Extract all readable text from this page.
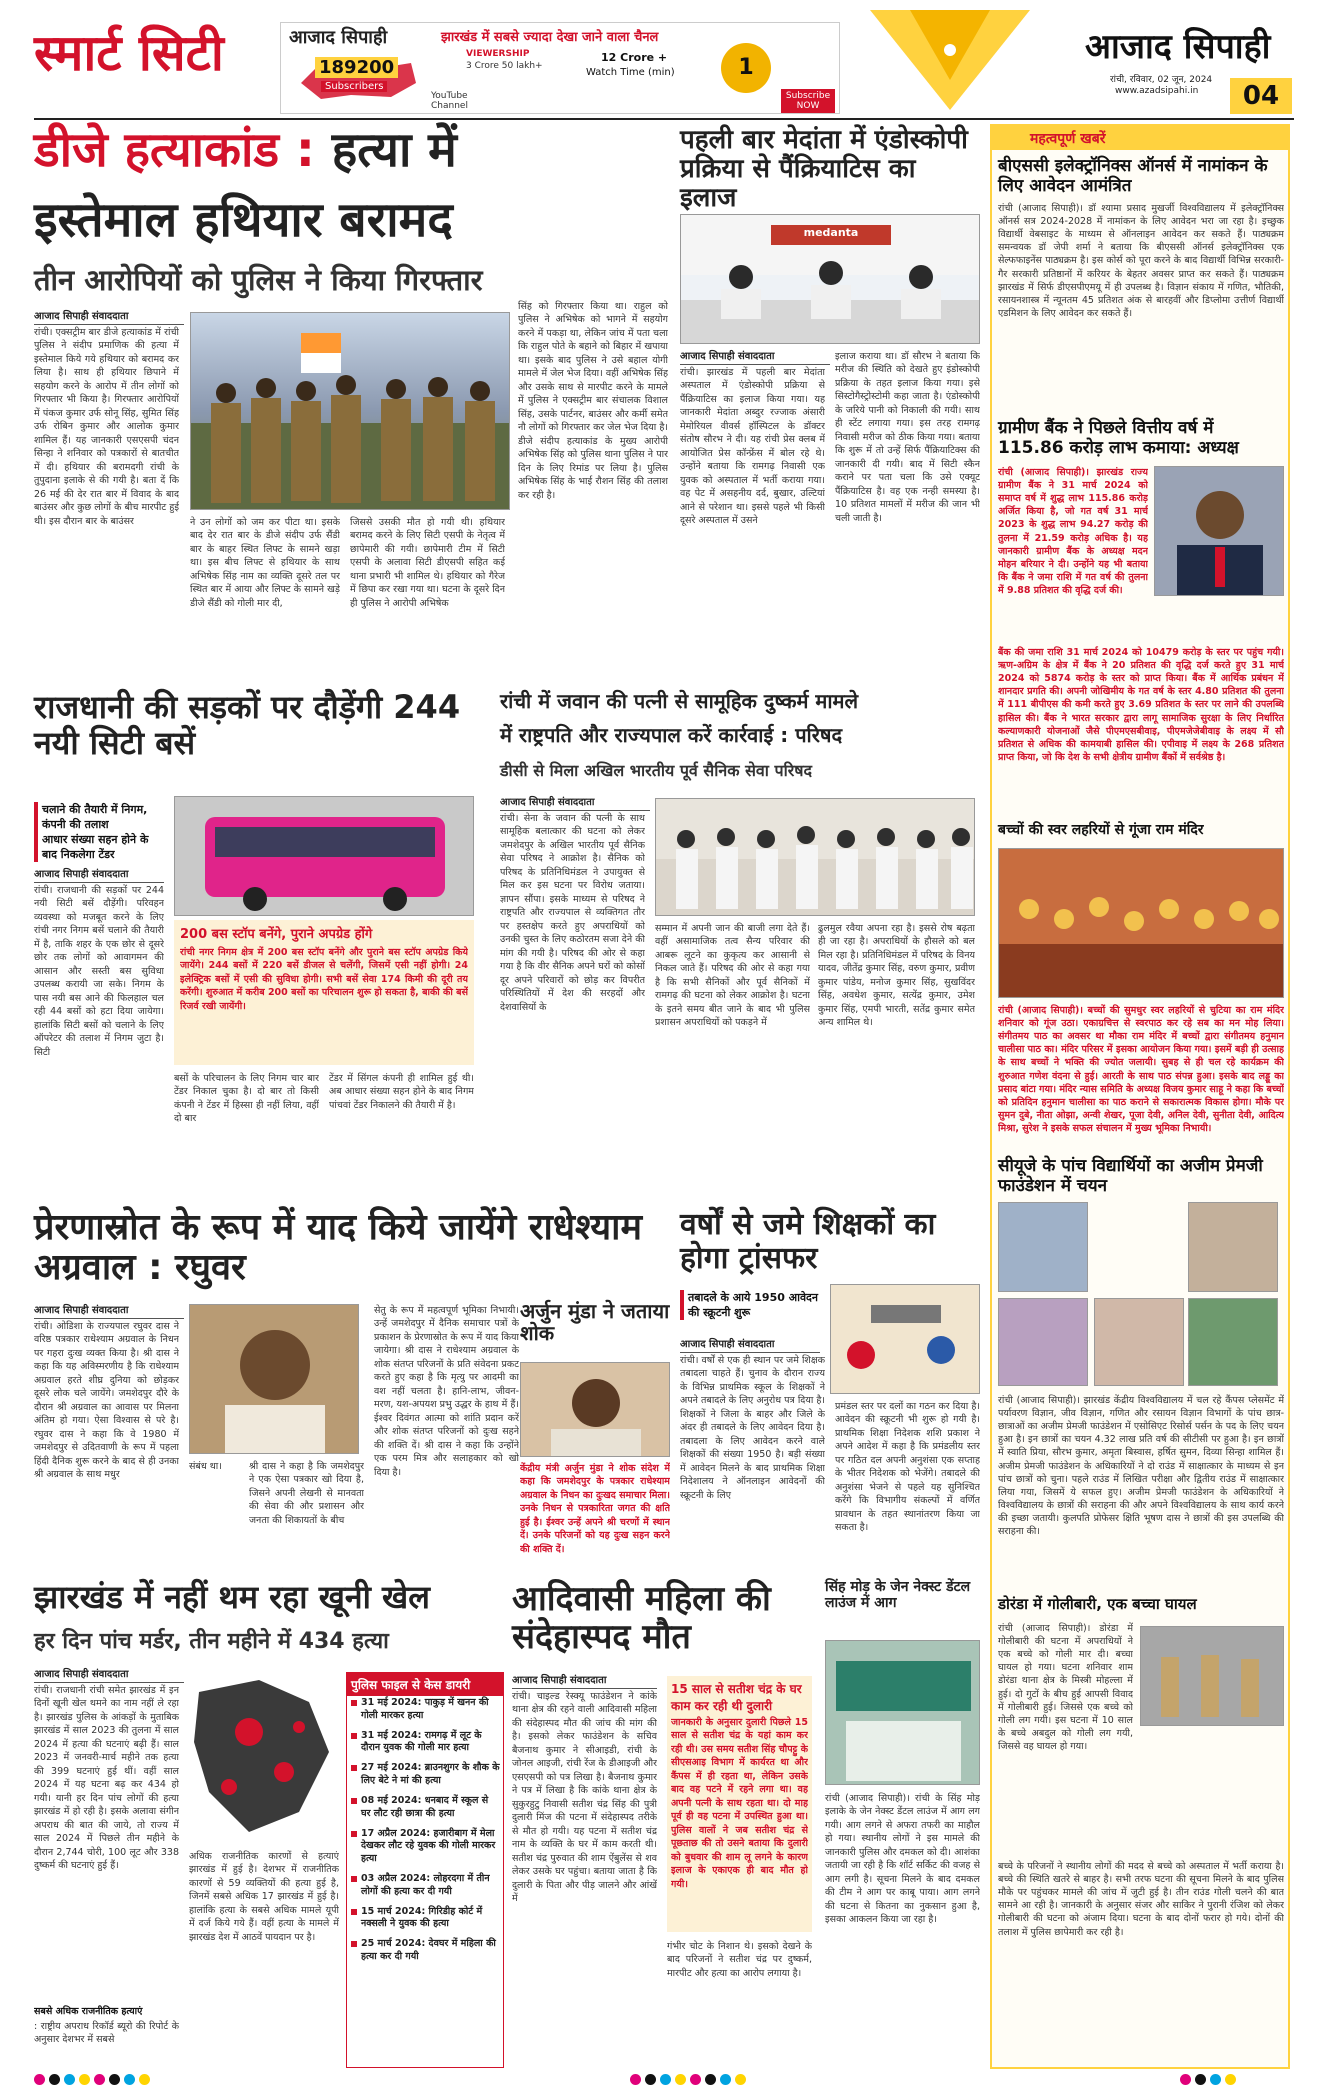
स्मार्ट सिटी	आजाद सिपाही	झारखंड में सबसे ज्यादा देखा जाने वाला चैनल
189200
Subscribers
YouTube Channel
VIEWERSHIP
3 Crore 50 lakh+
12 Crore +
Watch Time (min)	1
Subscribe NOW
आजाद सिपाही
रांची, रविवार, 02 जून, 2024
www.azadsipahi.in	04
डीजे हत्याकांड : हत्या में
इस्तेमाल हथियार बरामद
तीन आरोपियों को पुलिस ने किया गिरफ्तार
आजाद सिपाही संवाददाता
रांची। एक्सट्रीम बार डीजे हत्याकांड में रांची पुलिस ने संदीप प्रमाणिक की हत्या में इस्तेमाल किये गये हथियार को बरामद कर लिया है। साथ ही हथियार छिपाने में सहयोग करने के आरोप में तीन लोगों को गिरफ्तार भी किया है। गिरफ्तार आरोपियों में पंकज कुमार उर्फ सोनू सिंह, सुमित सिंह उर्फ रोबिन कुमार और आलोक कुमार शामिल हैं। यह जानकारी एसएसपी चंदन सिन्हा ने शनिवार को पत्रकारों से बातचीत में दी। हथियार की बरामदगी रांची के तुपुदाना इलाके से की गयी है। बता दें कि 26 मई की देर रात बार में विवाद के बाद बाउंसर और कुछ लोगों के बीच मारपीट हुई थी। इस दौरान बार के बाउंसर	ने उन लोगों को जम कर पीटा था। इसके बाद देर रात बार के डीजे संदीप उर्फ सैंडी बार के बाहर स्थित लिफ्ट के सामने खड़ा था। इस बीच लिफ्ट से हथियार के साथ अभिषेक सिंह नाम का व्यक्ति दूसरे तल पर स्थित बार में आया और लिफ्ट के सामने खड़े डीजे सैंडी को गोली मार दी,
जिससे उसकी मौत हो गयी थी। हथियार बरामद करने के लिए सिटी एसपी के नेतृत्व में छापेमारी की गयी। छापेमारी टीम में सिटी एसपी के अलावा सिटी डीएसपी सहित कई थाना प्रभारी भी शामिल थे। हथियार को गैरेज में छिपा कर रखा गया था। घटना के दूसरे दिन ही पुलिस ने आरोपी अभिषेक
सिंह को गिरफ्तार किया था। राहुल को पुलिस ने अभिषेक को भागने में सहयोग करने में पकड़ा था, लेकिन जांच में पता चला कि राहुल पोते के बहाने को बिहार में खपाया था। इसके बाद पुलिस ने उसे बहाल योगी मामले में जेल भेज दिया। वहीं अभिषेक सिंह और उसके साथ से मारपीट करने के मामले में पुलिस ने एक्सट्रीम बार संचालक विशाल सिंह, उसके पार्टनर, बाउंसर और कर्मी समेत नौ लोगों को गिरफ्तार कर जेल भेज दिया है। डीजे संदीप हत्याकांड के मुख्य आरोपी अभिषेक सिंह को पुलिस थाना पुलिस ने पार दिन के लिए रिमांड पर लिया है। पुलिस अभिषेक सिंह के भाई रौशन सिंह की तलाश कर रही है।
पहली बार मेदांता में एंडोस्कोपी प्रक्रिया से पैंक्रियाटिस का इलाज
medanta
आजाद सिपाही संवाददाता
रांची। झारखंड में पहली बार मेदांता अस्पताल में एंडोस्कोपी प्रक्रिया से पैंक्रियाटिस का इलाज किया गया। यह जानकारी मेदांता अब्दुर रज्जाक अंसारी मेमोरियल वीवर्स हॉस्पिटल के डॉक्टर संतोष सौरभ ने दी। यह रांची प्रेस क्लब में आयोजित प्रेस कॉन्फ्रेंस में बोल रहे थे। उन्होंने बताया कि रामगढ़ निवासी एक युवक को अस्पताल में भर्ती कराया गया। वह पेट में असहनीय दर्द, बुखार, उल्टियां आने से परेशान था। इससे पहले भी किसी दूसरे अस्पताल में उसने
इलाज कराया था। डॉ सौरभ ने बताया कि मरीज की स्थिति को देखते हुए इंडोस्कोपी प्रक्रिया के तहत इलाज किया गया। इसे सिस्टोगैस्ट्रोस्टोमी कहा जाता है। एंडोस्कोपी के जरिये पानी को निकाली की गयी। साथ ही स्टेंट लगाया गया। इस तरह रामगढ़ निवासी मरीज को ठीक किया गया। बताया कि शुरू में तो उन्हें सिर्फ पैंक्रियाटिक्स की जानकारी दी गयी। बाद में सिटी स्कैन कराने पर पता चला कि उसे एक्यूट पैंक्रियाटिस है। वह एक नन्ही समस्या है। 10 प्रतिशत मामलों में मरीज की जान भी चली जाती है।
राजधानी की सड़कों पर दौड़ेंगी 244 नयी सिटी बसें
चलाने की तैयारी में निगम, कंपनी की तलाश
आधार संख्या सहन होने के बाद निकलेगा टेंडर
आजाद सिपाही संवाददाता
रांची। राजधानी की सड़कों पर 244 नयी सिटी बसें दौड़ेंगी। परिवहन व्यवस्था को मजबूत करने के लिए रांची नगर निगम बसें चलाने की तैयारी में है, ताकि शहर के एक छोर से दूसरे छोर तक लोगों को आवागमन की आसान और सस्ती बस सुविधा उपलब्ध करायी जा सके। निगम के पास नयी बस आने की फिलहाल चल रही 44 बसों को हटा दिया जायेगा। हालांकि सिटी बसों को चलाने के लिए ऑपरेटर की तलाश में निगम जुटा है। सिटी
200 बस स्टॉप बनेंगे, पुराने अपग्रेड होंगे
रांची नगर निगम क्षेत्र में 200 बस स्टॉप बनेंगे और पुराने बस स्टॉप अपग्रेड किये जायेंगे। 244 बसों में 220 बसें डीजल से चलेंगी, जिसमें एसी नहीं होगी। 24 इलेक्ट्रिक बसों में एसी की सुविधा होगी। सभी बसें सेवा 174 किमी की दूरी तय करेंगी। शुरुआत में करीब 200 बसों का परिचालन शुरू हो सकता है, बाकी की बसें रिजर्व रखी जायेंगी।
बसों के परिचालन के लिए निगम चार बार टेंडर निकाल चुका है। दो बार तो किसी कंपनी ने टेंडर में हिस्सा ही नहीं लिया, वहीं दो बार
टेंडर में सिंगल कंपनी ही शामिल हुई थी। अब आधार संख्या सहन होने के बाद निगम पांचवां टेंडर निकालने की तैयारी में है।
रांची में जवान की पत्नी से सामूहिक दुष्कर्म मामले
में राष्ट्रपति और राज्यपाल करें कार्रवाई : परिषद
डीसी से मिला अखिल भारतीय पूर्व सैनिक सेवा परिषद
आजाद सिपाही संवाददाता
रांची। सेना के जवान की पत्नी के साथ सामूहिक बलात्कार की घटना को लेकर जमशेदपुर के अखिल भारतीय पूर्व सैनिक सेवा परिषद ने आक्रोश है। सैनिक को परिषद के प्रतिनिधिमंडल ने उपायुक्त से मिल कर इस घटना पर विरोध जताया। ज्ञापन सौंपा। इसके माध्यम से परिषद ने राष्ट्रपति और राज्यपाल से व्यक्तिगत तौर पर हस्तक्षेप करते हुए अपराधियों को उनकी चुस्त के लिए कठोरतम सजा देने की मांग की गयी है। परिषद की ओर से कहा गया है कि वीर सैनिक अपने घरों को कोसों दूर अपने परिवारों को छोड़ कर विपरीत परिस्थितियों में देश की सरहदों और देशवासियों के
सम्मान में अपनी जान की बाजी लगा देते हैं। वहीं असामाजिक तत्व सैन्य परिवार की आबरू लूटने का कुकृत्य कर आसानी से निकल जाते हैं। परिषद की ओर से कहा गया है कि सभी सैनिकों और पूर्व सैनिकों में रामगढ़ की घटना को लेकर आक्रोश है। घटना के इतने समय बीत जाने के बाद भी पुलिस प्रशासन अपराधियों को पकड़ने में
ढुलमुल रवैया अपना रहा है। इससे रोष बढ़ता ही जा रहा है। अपराधियों के हौसले को बल मिल रहा है। प्रतिनिधिमंडल में परिषद के विनय यादव, जीतेंद्र कुमार सिंह, वरुण कुमार, प्रवीण कुमार पांडेय, मनोज कुमार सिंह, सुखविंदर सिंह, अवधेश कुमार, सत्येंद्र कुमार, उमेश कुमार सिंह, एमपी भारती, सतेंद्र कुमार समेत अन्य शामिल थे।
प्रेरणास्रोत के रूप में याद किये जायेंगे राधेश्याम अग्रवाल : रघुवर
आजाद सिपाही संवाददाता
रांची। ओडिशा के राज्यपाल रघुवर दास ने वरिष्ठ पत्रकार राधेश्याम अग्रवाल के निधन पर गहरा दुःख व्यक्त किया है। श्री दास ने कहा कि यह अविस्मरणीय है कि राधेश्याम अग्रवाल हरते शीघ्र दुनिया को छोड़कर दूसरे लोक चले जायेंगे। जमशेदपुर दौरे के दौरान श्री अग्रवाल का आवास पर मिलना अंतिम हो गया। ऐसा विश्वास से परे है। रघुवर दास ने कहा कि वे 1980 में जमशेदपुर से उदितवाणी के रूप में पहला हिंदी दैनिक शुरू करने के बाद से ही उनका श्री अग्रवाल के साथ मधुर
संबंध था।	श्री दास ने कहा है कि जमशेदपुर ने एक ऐसा पत्रकार खो दिया है, जिसने अपनी लेखनी से मानवता की सेवा की और प्रशासन और जनता की शिकायतों के बीच
सेतु के रूप में महत्वपूर्ण भूमिका निभायी। उन्हें जमशेदपुर में दैनिक समाचार पत्रों के प्रकाशन के प्रेरणास्रोत के रूप में याद किया जायेगा। श्री दास ने राधेश्याम अग्रवाल के शोक संतप्त परिजनों के प्रति संवेदना प्रकट करते हुए कहा है कि मृत्यु पर आदमी का वश नहीं चलता है। हानि-लाभ, जीवन-मरण, यश-अपयश प्रभु उद्धर के हाथ में हैं। ईश्वर दिवंगत आत्मा को शांति प्रदान करें और शोक संतप्त परिजनों को दुःख सहने की शक्ति दें। श्री दास ने कहा कि उन्होंने एक परम मित्र और सलाहकार को खो दिया है।
अर्जुन मुंडा ने जताया शोक
केंद्रीय मंत्री अर्जुन मुंडा ने शोक संदेश में कहा कि जमशेदपुर के पत्रकार राधेश्याम अग्रवाल के निधन का दुःखद समाचार मिला। उनके निधन से पत्रकारिता जगत की क्षति हुई है। ईश्वर उन्हें अपने श्री चरणों में स्थान दें। उनके परिजनों को यह दुःख सहन करने की शक्ति दें।
वर्षों से जमे शिक्षकों का होगा ट्रांसफर
तबादले के आये 1950 आवेदन की स्क्रूटनी शुरू
आजाद सिपाही संवाददाता
रांची। वर्षों से एक ही स्थान पर जमे शिक्षक तबादला चाहते हैं। चुनाव के दौरान राज्य के विभिन्न प्राथमिक स्कूल के शिक्षकों ने अपने तबादले के लिए अनुरोध पत्र दिया है। शिक्षकों ने जिला के बाहर और जिले के अंदर ही तबादले के लिए आवेदन दिया है। तबादला के लिए आवेदन करने वाले शिक्षकों की संख्या 1950 है। बड़ी संख्या में आवेदन मिलने के बाद प्राथमिक शिक्षा निदेशालय ने ऑनलाइन आवेदनों की स्क्रूटनी के लिए
प्रमंडल स्तर पर दलों का गठन कर दिया है। आवेदन की स्क्रूटनी भी शुरू हो गयी है। प्राथमिक शिक्षा निदेशक शशि प्रकाश ने अपने आदेश में कहा है कि प्रमंडलीय स्तर पर गठित दल अपनी अनुशंसा एक सप्ताह के भीतर निदेशक को भेजेंगे। तबादले की अनुशंसा भेजने से पहले यह सुनिश्चित करेंगे कि विभागीय संकल्पों में वर्णित प्रावधान के तहत स्थानांतरण किया जा सकता है।
झारखंड में नहीं थम रहा खूनी खेल
हर दिन पांच मर्डर, तीन महीने में 434 हत्या
आजाद सिपाही संवाददाता
रांची। राजधानी रांची समेत झारखंड में इन दिनों खूनी खेल थमने का नाम नहीं ले रहा है। झारखंड पुलिस के आंकड़ों के मुताबिक झारखंड में साल 2023 की तुलना में साल 2024 में हत्या की घटनाएं बढ़ी हैं। साल 2023 में जनवरी-मार्च महीने तक हत्या की 399 घटनाएं हुई थीं। वहीं साल 2024 में यह घटना बढ़ कर 434 हो गयी। यानी हर दिन पांच लोगों की हत्या झारखंड में हो रही है। इसके अलावा संगीन अपराध की बात की जाये, तो राज्य में साल 2024 में पिछले तीन महीने के दौरान 2,744 चोरी, 100 लूट और 338 दुष्कर्म की घटनाएं हुई हैं।
सबसे अधिक राजनीतिक हत्याएं
: राष्ट्रीय अपराध रिकॉर्ड ब्यूरो की रिपोर्ट के अनुसार देशभर में सबसे
अधिक राजनीतिक कारणों से हत्याएं झारखंड में हुई है। देशभर में राजनीतिक कारणों से 59 व्यक्तियों की हत्या हुई है, जिनमें सबसे अधिक 17 झारखंड में हुई है। हालांकि हत्या के सबसे अधिक मामले यूपी में दर्ज किये गये हैं। वहीं हत्या के मामले में झारखंड देश में आठवें पायदान पर है।
पुलिस फाइल से केस डायरी
31 मई 2024: पाकुड़ में खनन की गोली मारकर हत्या
31 मई 2024: रामगढ़ में लूट के दौरान युवक की गोली मार हत्या
27 मई 2024: ब्राउनशुगर के शौक के लिए बेटे ने मां की हत्या
08 मई 2024: धनबाद में स्कूल से घर लौट रही छात्रा की हत्या
17 अप्रैल 2024: हजारीबाग में मेला देखकर लौट रहे युवक की गोली मारकर हत्या
03 अप्रैल 2024: लोहरदगा में तीन लोगों की हत्या कर दी गयी
15 मार्च 2024: गिरिडीह कोर्ट में नक्सली ने युवक की हत्या
25 मार्च 2024: देवघर में महिला की हत्या कर दी गयी
आदिवासी महिला की संदेहास्पद मौत
आजाद सिपाही संवाददाता
रांची। चाइल्ड रेस्क्यू फाउंडेशन ने कांके थाना क्षेत्र की रहने वाली आदिवासी महिला की संदेहास्पद मौत की जांच की मांग की है। इसको लेकर फाउंडेशन के सचिव बैजनाथ कुमार ने सीआइडी, रांची के जोनल आइजी, रांची रेंज के डीआइजी और एसएसपी को पत्र लिखा है। बैजनाथ कुमार ने पत्र में लिखा है कि कांके थाना क्षेत्र के सुकुरहुटु निवासी सतीश चंद्र सिंह की पुत्री दुलारी मिंज की पटना में संदेहास्पद तरीके से मौत हो गयी। यह पटना में सतीश चंद्र नाम के व्यक्ति के घर में काम करती थी। सतीश चंद्र पुरुवात की शाम ऐंबुलेंस से शव लेकर उसके घर पहुंचा। बताया जाता है कि दुलारी के पिता और पीड़ जालने और आंखें में
15 साल से सतीश चंद्र के घर काम कर रही थी दुलारी
जानकारी के अनुसार दुलारी पिछले 15 साल से सतीश चंद्र के यहां काम कर रही थी। उस समय सतीश सिंह चौपट्टु के सीएसआइ विभाग में कार्यरत था और कैंपस में ही रहता था, लेकिन उसके बाद वह पटने में रहने लगा था। वह अपनी पत्नी के साथ रहता था। दो माह पूर्व ही वह पटना में उपस्थित हुआ था। पुलिस वालों ने जब सतीश चंद्र से पूछताछ की तो उसने बताया कि दुलारी को बुधवार की शाम लू लगने के कारण इलाज के एकाएक ही बाद मौत हो गयी।
गंभीर चोट के निशान थे। इसको देखने के बाद परिजनों ने सतीश चंद्र पर दुष्कर्म, मारपीट और हत्या का आरोप लगाया है।
सिंह मोड़ के जेन नेक्स्ट डेंटल लाउंज में आग
रांची (आजाद सिपाही)। रांची के सिंह मोड़ इलाके के जेन नेक्स्ट डेंटल लाउंज में आग लग गयी। आग लगने से अफरा तफरी का माहौल हो गया। स्थानीय लोगों ने इस मामले की जानकारी पुलिस और दमकल को दी। आशंका जतायी जा रही है कि शॉर्ट सर्किट की वजह से आग लगी है। सूचना मिलने के बाद दमकल की टीम ने आग पर काबू पाया। आग लगने की घटना से कितना का नुकसान हुआ है, इसका आकलन किया जा रहा है।
महत्वपूर्ण खबरें
बीएससी इलेक्ट्रॉनिक्स ऑनर्स में नामांकन के लिए आवेदन आमंत्रित
रांची (आजाद सिपाही)। डॉ श्यामा प्रसाद मुखर्जी विश्वविद्यालय में इलेक्ट्रॉनिक्स ऑनर्स सत्र 2024-2028 में नामांकन के लिए आवेदन भरा जा रहा है। इच्छुक विद्यार्थी वेबसाइट के माध्यम से ऑनलाइन आवेदन कर सकते हैं। पाठ्यक्रम समन्वयक डॉ जेपी शर्मा ने बताया कि बीएससी ऑनर्स इलेक्ट्रॉनिक्स एक सेल्फफाइनेंस पाठ्यक्रम है। इस कोर्स को पूरा करने के बाद विद्यार्थी विभिन्न सरकारी-गैर सरकारी प्रतिष्ठानों में करियर के बेहतर अवसर प्राप्त कर सकते हैं। पाठ्यक्रम झारखंड में सिर्फ डीएसपीएमयू में ही उपलब्ध है। विज्ञान संकाय में गणित, भौतिकी, रसायनशास्त्र में न्यूनतम 45 प्रतिशत अंक से बारहवीं और डिप्लोमा उत्तीर्ण विद्यार्थी एडमिशन के लिए आवेदन कर सकते हैं।
ग्रामीण बैंक ने पिछले वित्तीय वर्ष में 115.86 करोड़ लाभ कमाया: अध्यक्ष
रांची (आजाद सिपाही)। झारखंड राज्य ग्रामीण बैंक ने 31 मार्च 2024 को समाप्त वर्ष में शुद्ध लाभ 115.86 करोड़ अर्जित किया है, जो गत वर्ष 31 मार्च 2023 के शुद्ध लाभ 94.27 करोड़ की तुलना में 21.59 करोड़ अधिक है। यह जानकारी ग्रामीण बैंक के अध्यक्ष मदन मोहन बरियार ने दी। उन्होंने यह भी बताया कि बैंक ने जमा राशि में गत वर्ष की तुलना में 9.88 प्रतिशत की वृद्धि दर्ज की।
बैंक की जमा राशि 31 मार्च 2024 को 10479 करोड़ के स्तर पर पहुंच गयी। ऋण-अग्रिम के क्षेत्र में बैंक ने 20 प्रतिशत की वृद्धि दर्ज करते हुए 31 मार्च 2024 को 5874 करोड़ के स्तर को प्राप्त किया। बैंक में आर्थिक प्रबंधन में शानदार प्रगति की। अपनी जोखिमीय के गत वर्ष के स्तर 4.80 प्रतिशत की तुलना में 111 बीपीएस की कमी करते हुए 3.69 प्रतिशत के स्तर पर लाने की उपलब्धि हासिल की। बैंक ने भारत सरकार द्वारा लागू सामाजिक सुरक्षा के लिए निर्धारित कल्याणकारी योजनाओं जैसे पीएमएसबीवाइ, पीएमजेजेबीवाइ के लक्ष्य में सौ प्रतिशत से अधिक की कामयाबी हासिल की। एपीवाइ में लक्ष्य के 268 प्रतिशत प्राप्त किया, जो कि देश के सभी क्षेत्रीय ग्रामीण बैंकों में सर्वश्रेष्ठ है।
बच्चों की स्वर लहरियों से गूंजा राम मंदिर
रांची (आजाद सिपाही)। बच्चों की सुमधुर स्वर लहरियों से चुटिया का राम मंदिर शनिवार को गूंज उठा। एकाग्रचित्त से स्वरपाठ कर रहे सब का मन मोह लिया। संगीतमय पाठ का अवसर था मौका राम मंदिर में बच्चों द्वारा संगीतमय हनुमान चालीसा पाठ का। मंदिर परिसर में इसका आयोजन किया गया। इसमें बड़ी ही उत्साह के साथ बच्चों ने भक्ति की ज्योत जलायी। सुबह से ही चल रहे कार्यक्रम की शुरुआत गणेश वंदना से हुई। आरती के साथ पाठ संपन्न हुआ। इसके बाद लड्डू का प्रसाद बांटा गया। मंदिर न्यास समिति के अध्यक्ष विजय कुमार साहू ने कहा कि बच्चों को प्रतिदिन हनुमान चालीसा का पाठ कराने से सकारात्मक विकास होगा। मौके पर सुमन दुबे, नीता ओझा, अन्वी शेखर, पूजा देवी, अनिल देवी, सुनीता देवी, आदित्य मिश्रा, सुरेश ने इसके सफल संचालन में मुख्य भूमिका निभायी।
सीयूजे के पांच विद्यार्थियों का अजीम प्रेमजी फाउंडेशन में चयन
रांची (आजाद सिपाही)। झारखंड केंद्रीय विश्वविद्यालय में चल रहे कैंपस प्लेसमेंट में पर्यावरण विज्ञान, जीव विज्ञान, गणित और रसायन विज्ञान विभागों के पांच छात्र-छात्राओं का अजीम प्रेमजी फाउंडेशन में एसोसिएट रिसोर्स पर्सन के पद के लिए चयन हुआ है। इन छात्रों का चयन 4.32 लाख प्रति वर्ष की सीटीसी पर हुआ है। इन छात्रों में स्वाति प्रिया, सौरभ कुमार, अमृता बिस्वास, हर्षित सुमन, दिव्या सिन्हा शामिल हैं। अजीम प्रेमजी फाउंडेशन के अधिकारियों ने दो राउंड में साक्षात्कार के माध्यम से इन पांच छात्रों को चुना। पहले राउंड में लिखित परीक्षा और द्वितीय राउंड में साक्षात्कार लिया गया, जिसमें ये सफल हुए। अजीम प्रेमजी फाउंडेशन के अधिकारियों ने विश्वविद्यालय के छात्रों की सराहना की और अपने विश्वविद्यालय के साथ कार्य करने की इच्छा जतायी। कुलपति प्रोफेसर क्षिति भूषण दास ने छात्रों की इस उपलब्धि की सराहना की।
डोरंडा में गोलीबारी, एक बच्चा घायल
रांची (आजाद सिपाही)। डोरंडा में गोलीबारी की घटना में अपराधियों ने एक बच्चे को गोली मार दी। बच्चा घायल हो गया। घटना शनिवार शाम डोरंडा थाना क्षेत्र के मिस्त्री मोहल्ला में हुई। दो गुटों के बीच हुई आपसी विवाद में गोलीबारी हुई। जिससे एक बच्चे को गोली लग गयी। इस घटना में 10 साल के बच्चे अबदुल को गोली लग गयी, जिससे वह घायल हो गया।
बच्चे के परिजनों ने स्थानीय लोगों की मदद से बच्चे को अस्पताल में भर्ती कराया है। बच्चे की स्थिति खतरे से बाहर है। सभी तरफ घटना की सूचना मिलने के बाद पुलिस मौके पर पहुंचकर मामले की जांच में जुटी हुई है। तीन राउंड गोली चलने की बात सामने आ रही है। जानकारी के अनुसार संजर और साकिर ने पुरानी रंजिश को लेकर गोलीबारी की घटना को अंजाम दिया। घटना के बाद दोनों फरार हो गये। दोनों की तलाश में पुलिस छापेमारी कर रही है।
